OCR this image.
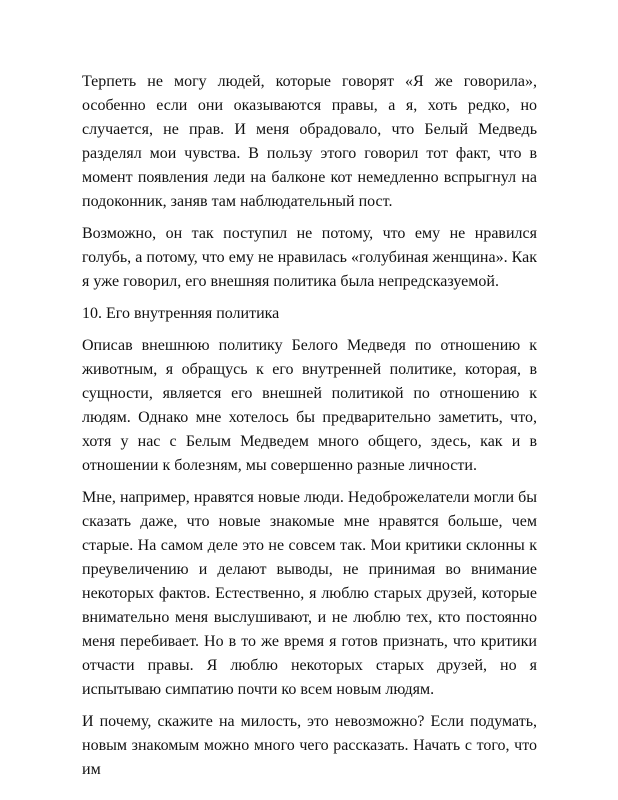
Терпеть не могу людей, которые говорят «Я же говорила», особенно если они оказываются правы, а я, хоть редко, но случается, не прав. И меня обрадовало, что Белый Медведь разделял мои чувства. В пользу этого говорил тот факт, что в момент появления леди на балконе кот немедленно вспрыгнул на подоконник, заняв там наблюдательный пост.

Возможно, он так поступил не потому, что ему не нравился голубь, а потому, что ему не нравилась «голубиная женщина». Как я уже говорил, его внешняя политика была непредсказуемой.

10. Его внутренняя политика

Описав внешнюю политику Белого Медведя по отношению к животным, я обращусь к его внутренней политике, которая, в сущности, является его внешней политикой по отношению к людям. Однако мне хотелось бы предварительно заметить, что, хотя у нас с Белым Медведем много общего, здесь, как и в отношении к болезням, мы совершенно разные личности.

Мне, например, нравятся новые люди. Недоброжелатели могли бы сказать даже, что новые знакомые мне нравятся больше, чем старые. На самом деле это не совсем так. Мои критики склонны к преувеличению и делают выводы, не принимая во внимание некоторых фактов. Естественно, я люблю старых друзей, которые внимательно меня выслушивают, и не люблю тех, кто постоянно меня перебивает. Но в то же время я готов признать, что критики отчасти правы. Я люблю некоторых старых друзей, но я испытываю симпатию почти ко всем новым людям.

И почему, скажите на милость, это невозможно? Если подумать, новым знакомым можно много чего рассказать. Начать с того, что им
